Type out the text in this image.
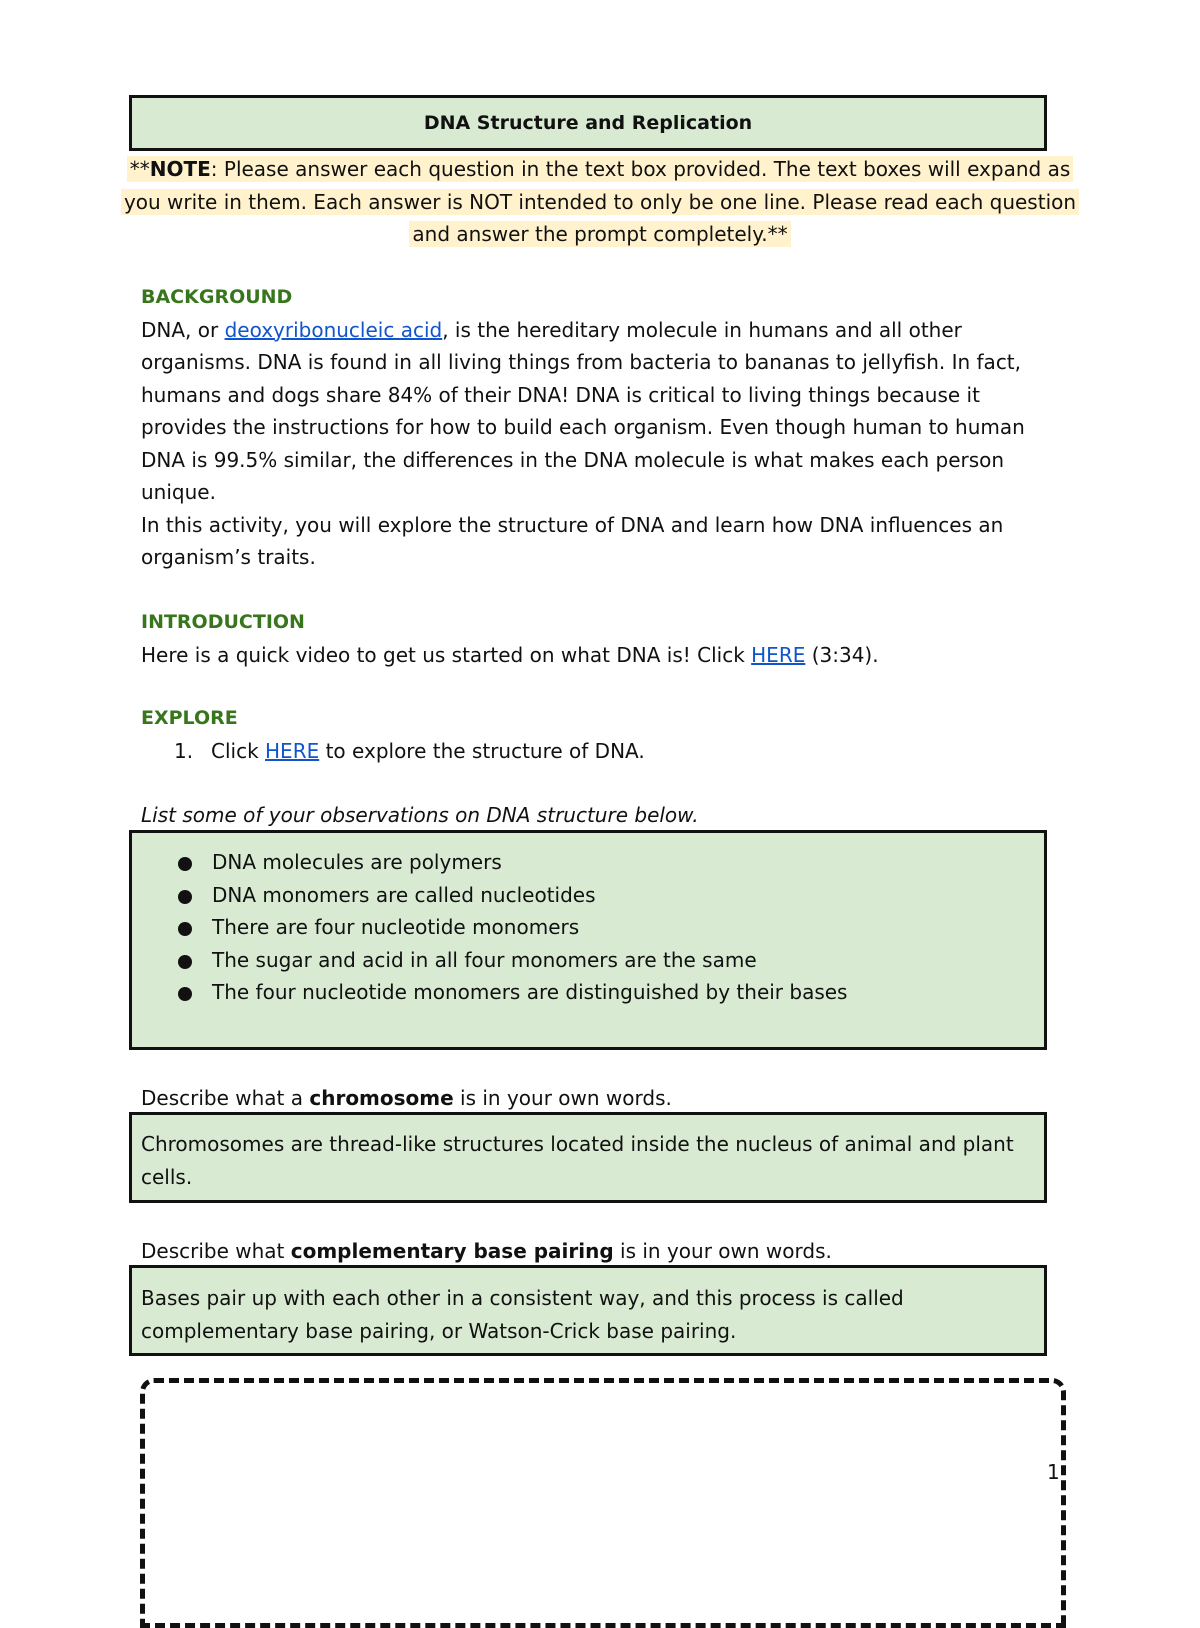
DNA Structure and Replication
**NOTE: Please answer each question in the text box provided. The text boxes will expand as you write in them. Each answer is NOT intended to only be one line. Please read each question and answer the prompt completely.**
BACKGROUND
DNA, or deoxyribonucleic acid, is the hereditary molecule in humans and all other organisms. DNA is found in all living things from bacteria to bananas to jellyfish. In fact, humans and dogs share 84% of their DNA! DNA is critical to living things because it provides the instructions for how to build each organism. Even though human to human DNA is 99.5% similar, the differences in the DNA molecule is what makes each person unique.
In this activity, you will explore the structure of DNA and learn how DNA influences an organism’s traits.
INTRODUCTION
Here is a quick video to get us started on what DNA is! Click HERE (3:34).
EXPLORE
1. Click HERE to explore the structure of DNA.
List some of your observations on DNA structure below.
DNA molecules are polymers
DNA monomers are called nucleotides
There are four nucleotide monomers
The sugar and acid in all four monomers are the same
The four nucleotide monomers are distinguished by their bases
Describe what a chromosome is in your own words.
Chromosomes are thread-like structures located inside the nucleus of animal and plant cells.
Describe what complementary base pairing is in your own words.
Bases pair up with each other in a consistent way, and this process is called complementary base pairing, or Watson-Crick base pairing.
1
